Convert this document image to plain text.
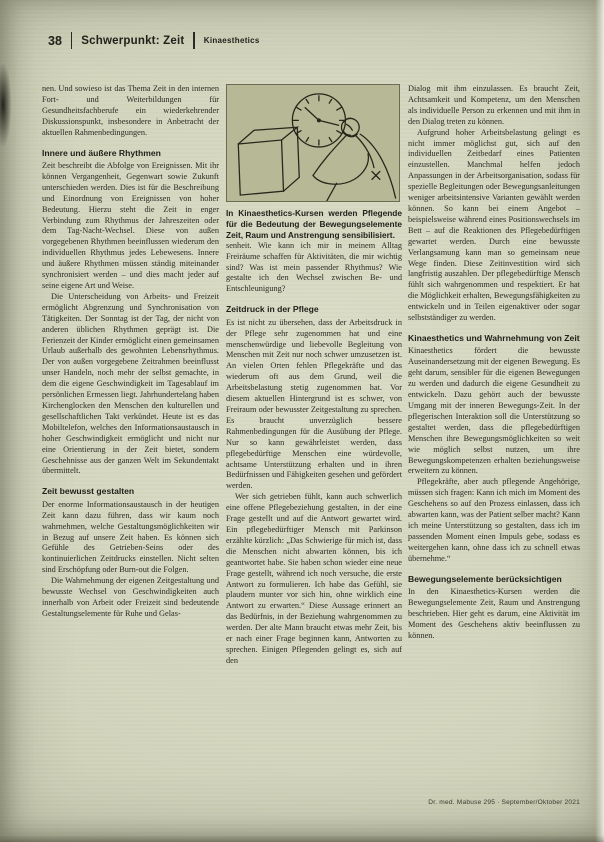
38 Schwerpunkt: Zeit Kinaesthetics

nen. Und sowieso ist das Thema Zeit in den internen Fort- und Weiterbildungen für Gesundheitsfachberufe ein wiederkehrender Diskussionspunkt, insbesondere in Anbetracht der aktuellen Rahmenbedingungen.

Innere und äußere Rhythmen

Zeit beschreibt die Abfolge von Ereignissen. Mit ihr können Vergangenheit, Gegenwart sowie Zukunft unterschieden werden. Dies ist für die Beschreibung und Einordnung von Ereignissen von hoher Bedeutung. Hierzu steht die Zeit in enger Verbindung zum Rhythmus der Jahreszeiten oder dem Tag-Nacht-Wechsel. Diese von außen vorgegebenen Rhythmen beeinflussen wiederum den individuellen Rhythmus jedes Lebewesens. Innere und äußere Rhythmen müssen ständig miteinander synchronisiert werden – und dies macht jeder auf seine eigene Art und Weise.

Die Unterscheidung von Arbeits- und Freizeit ermöglicht Abgrenzung und Synchronisation von Tätigkeiten. Der Sonntag ist der Tag, der nicht von anderen üblichen Rhythmen geprägt ist. Die Ferienzeit der Kinder ermöglicht einen gemeinsamen Urlaub außerhalb des gewohnten Lebensrhythmus. Der von außen vorgegebene Zeitrahmen beeinflusst unser Handeln, noch mehr der selbst gemachte, in dem die eigene Geschwindigkeit im Tagesablauf im persönlichen Ermessen liegt. Jahrhundertelang haben Kirchenglocken den Menschen den kulturellen und gesellschaftlichen Takt verkündet. Heute ist es das Mobiltelefon, welches den Informationsaustausch in hoher Geschwindigkeit ermöglicht und nicht nur eine Orientierung in der Zeit bietet, sondern Geschehnisse aus der ganzen Welt im Sekundentakt übermittelt.

Zeit bewusst gestalten

Der enorme Informationsaustausch in der heutigen Zeit kann dazu führen, dass wir kaum noch wahrnehmen, welche Gestaltungsmöglichkeiten wir in Bezug auf unsere Zeit haben. Es können sich Gefühle des Getrieben-Seins oder des kontinuierlichen Zeitdrucks einstellen. Nicht selten sind Erschöpfung oder Burn-out die Folgen.

Die Wahrnehmung der eigenen Zeitgestaltung und bewusste Wechsel von Geschwindigkeiten auch innerhalb von Arbeit oder Freizeit sind bedeutende Gestaltungselemente für Ruhe und Gelas-

In Kinaesthetics-Kursen werden Pflegende für die Bedeutung der Bewegungselemente Zeit, Raum und Anstrengung sensibilisiert.

senheit. Wie kann ich mir in meinem Alltag Freiräume schaffen für Aktivitäten, die mir wichtig sind? Was ist mein passender Rhythmus? Wie gestalte ich den Wechsel zwischen Be- und Entschleunigung?

Zeitdruck in der Pflege

Es ist nicht zu übersehen, dass der Arbeitsdruck in der Pflege sehr zugenommen hat und eine menschenwürdige und liebevolle Begleitung von Menschen mit Zeit nur noch schwer umzusetzen ist. An vielen Orten fehlen Pflegekräfte und das wiederum oft aus dem Grund, weil die Arbeitsbelastung stetig zugenommen hat. Vor diesem aktuellen Hintergrund ist es schwer, von Freiraum oder bewusster Zeitgestaltung zu sprechen. Es braucht unverzüglich bessere Rahmenbedingungen für die Ausübung der Pflege. Nur so kann gewährleistet werden, dass pflegebedürftige Menschen eine würdevolle, achtsame Unterstützung erhalten und in ihren Bedürfnissen und Fähigkeiten gesehen und gefördert werden.

Wer sich getrieben fühlt, kann auch schwerlich eine offene Pflegebeziehung gestalten, in der eine Frage gestellt und auf die Antwort gewartet wird. Ein pflegebedürftiger Mensch mit Parkinson erzählte kürzlich: „Das Schwierige für mich ist, dass die Menschen nicht abwarten können, bis ich geantwortet habe. Sie haben schon wieder eine neue Frage gestellt, während ich noch versuche, die erste Antwort zu formulieren. Ich habe das Gefühl, sie plaudern munter vor sich hin, ohne wirklich eine Antwort zu erwarten.“ Diese Aussage erinnert an das Bedürfnis, in der Beziehung wahrgenommen zu werden. Der alte Mann braucht etwas mehr Zeit, bis er nach einer Frage beginnen kann, Antworten zu sprechen. Einigen Pflegenden gelingt es, sich auf den

Dialog mit ihm einzulassen. Es braucht Zeit, Achtsamkeit und Kompetenz, um den Menschen als individuelle Person zu erkennen und mit ihm in den Dialog treten zu können.

Aufgrund hoher Arbeitsbelastung gelingt es nicht immer möglichst gut, sich auf den individuellen Zeitbedarf eines Patienten einzustellen. Manchmal helfen jedoch Anpassungen in der Arbeitsorganisation, sodass für spezielle Begleitungen oder Bewegungsanleitungen weniger arbeitsintensive Varianten gewählt werden können. So kann bei einem Angebot – beispielsweise während eines Positionswechsels im Bett – auf die Reaktionen des Pflegebedürftigen gewartet werden. Durch eine bewusste Verlangsamung kann man so gemeinsam neue Wege finden. Diese Zeitinvestition wird sich langfristig auszahlen. Der pflegebedürftige Mensch fühlt sich wahrgenommen und respektiert. Er hat die Möglichkeit erhalten, Bewegungsfähigkeiten zu entwickeln und in Teilen eigenaktiver oder sogar selbstständiger zu werden.

Kinaesthetics und Wahrnehmung von Zeit

Kinaesthetics fördert die bewusste Auseinandersetzung mit der eigenen Bewegung. Es geht darum, sensibler für die eigenen Bewegungen zu werden und dadurch die eigene Gesundheit zu entwickeln. Dazu gehört auch der bewusste Umgang mit der inneren Bewegungs-Zeit. In der pflegerischen Interaktion soll die Unterstützung so gestaltet werden, dass die pflegebedürftigen Menschen ihre Bewegungsmöglichkeiten so weit wie möglich selbst nutzen, um ihre Bewegungskompetenzen erhalten beziehungsweise erweitern zu können.

Pflegekräfte, aber auch pflegende Angehörige, müssen sich fragen: Kann ich mich im Moment des Geschehens so auf den Prozess einlassen, dass ich abwarten kann, was der Patient selber macht? Kann ich meine Unterstützung so gestalten, dass ich im passenden Moment einen Impuls gebe, sodass es weitergehen kann, ohne dass ich zu schnell etwas übernehme.“

Bewegungselemente berücksichtigen

In den Kinaesthetics-Kursen werden die Bewegungselemente Zeit, Raum und Anstrengung beschrieben. Hier geht es darum, eine Aktivität im Moment des Geschehens aktiv beeinflussen zu können.

Dr. med. Mabuse 295 · September/Oktober 2021
